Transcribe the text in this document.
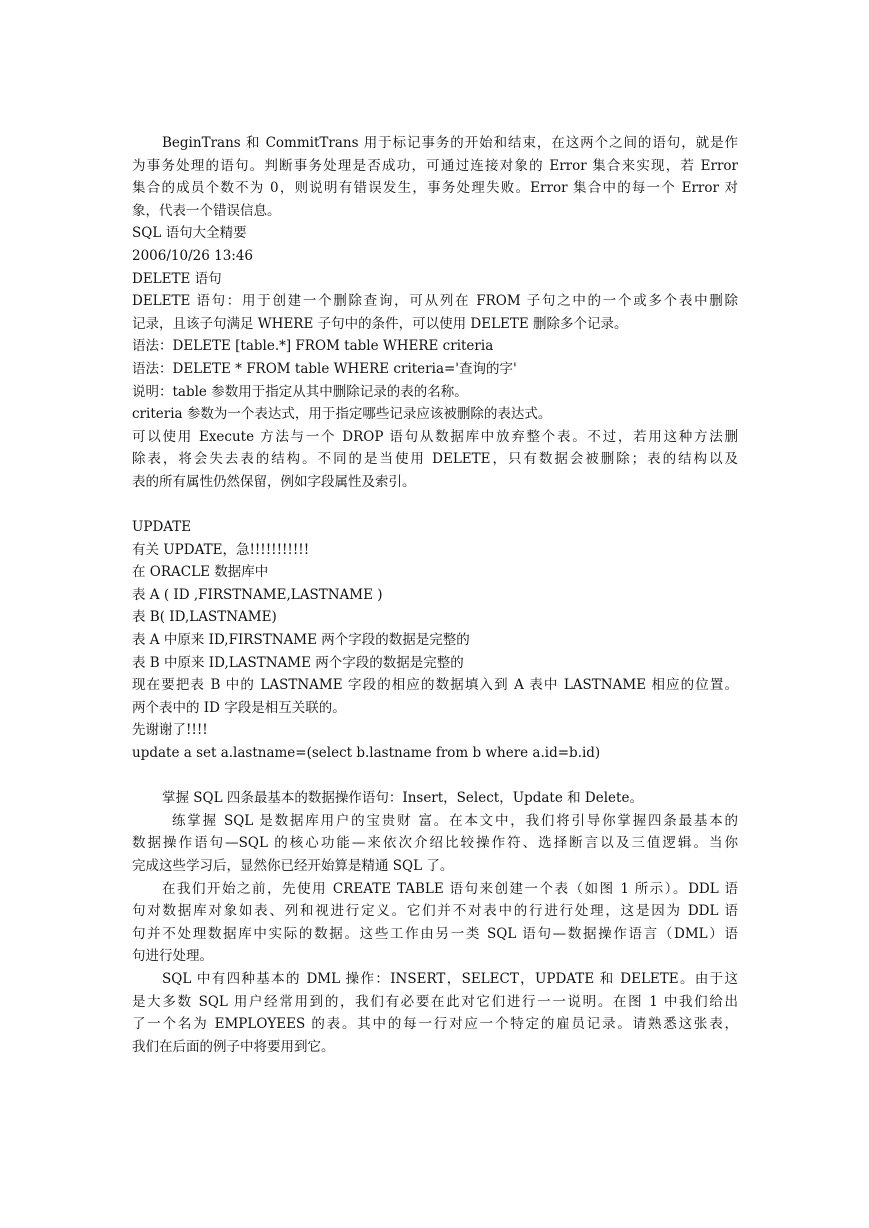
BeginTrans 和 CommitTrans 用于标记事务的开始和结束，在这两个之间的语句，就是作
为事务处理的语句。判断事务处理是否成功，可通过连接对象的 Error 集合来实现，若 Error
集合的成员个数不为 0，则说明有错误发生，事务处理失败。Error 集合中的每一个 Error 对
象，代表一个错误信息。
SQL 语句大全精要
2006/10/26 13:46
DELETE 语句
DELETE 语句：用于创建一个删除查询，可从列在 FROM 子句之中的一个或多个表中删除
记录，且该子句满足 WHERE 子句中的条件，可以使用 DELETE 删除多个记录。
语法：DELETE [table.*] FROM table WHERE criteria
语法：DELETE * FROM table WHERE criteria='查询的字'
说明：table 参数用于指定从其中删除记录的表的名称。
criteria 参数为一个表达式，用于指定哪些记录应该被删除的表达式。
可以使用 Execute 方法与一个 DROP 语句从数据库中放弃整个表。不过，若用这种方法删
除表，将会失去表的结构。不同的是当使用 DELETE，只有数据会被删除；表的结构以及
表的所有属性仍然保留，例如字段属性及索引。
UPDATE
有关 UPDATE，急!!!!!!!!!!!
在 ORACLE 数据库中
表 A ( ID ,FIRSTNAME,LASTNAME )
表 B( ID,LASTNAME)
表 A 中原来 ID,FIRSTNAME 两个字段的数据是完整的
表 B 中原来 ID,LASTNAME 两个字段的数据是完整的
现在要把表 B 中的 LASTNAME 字段的相应的数据填入到 A 表中 LASTNAME 相应的位置。
两个表中的 ID 字段是相互关联的。
先谢谢了!!!!
update a set a.lastname=(select b.lastname from b where a.id=b.id)
掌握 SQL 四条最基本的数据操作语句：Insert，Select，Update 和 Delete。
练掌握 SQL 是数据库用户的宝贵财 富。在本文中，我们将引导你掌握四条最基本的
数据操作语句—SQL 的核心功能—来依次介绍比较操作符、选择断言以及三值逻辑。当你
完成这些学习后，显然你已经开始算是精通 SQL 了。
在我们开始之前，先使用 CREATE TABLE 语句来创建一个表（如图 1 所示）。DDL 语
句对数据库对象如表、列和视进行定义。它们并不对表中的行进行处理，这是因为 DDL 语
句并不处理数据库中实际的数据。这些工作由另一类 SQL 语句—数据操作语言（DML）语
句进行处理。
SQL 中有四种基本的 DML 操作：INSERT，SELECT，UPDATE 和 DELETE。由于这
是大多数 SQL 用户经常用到的，我们有必要在此对它们进行一一说明。在图 1 中我们给出
了一个名为 EMPLOYEES 的表。其中的每一行对应一个特定的雇员记录。请熟悉这张表，
我们在后面的例子中将要用到它。
